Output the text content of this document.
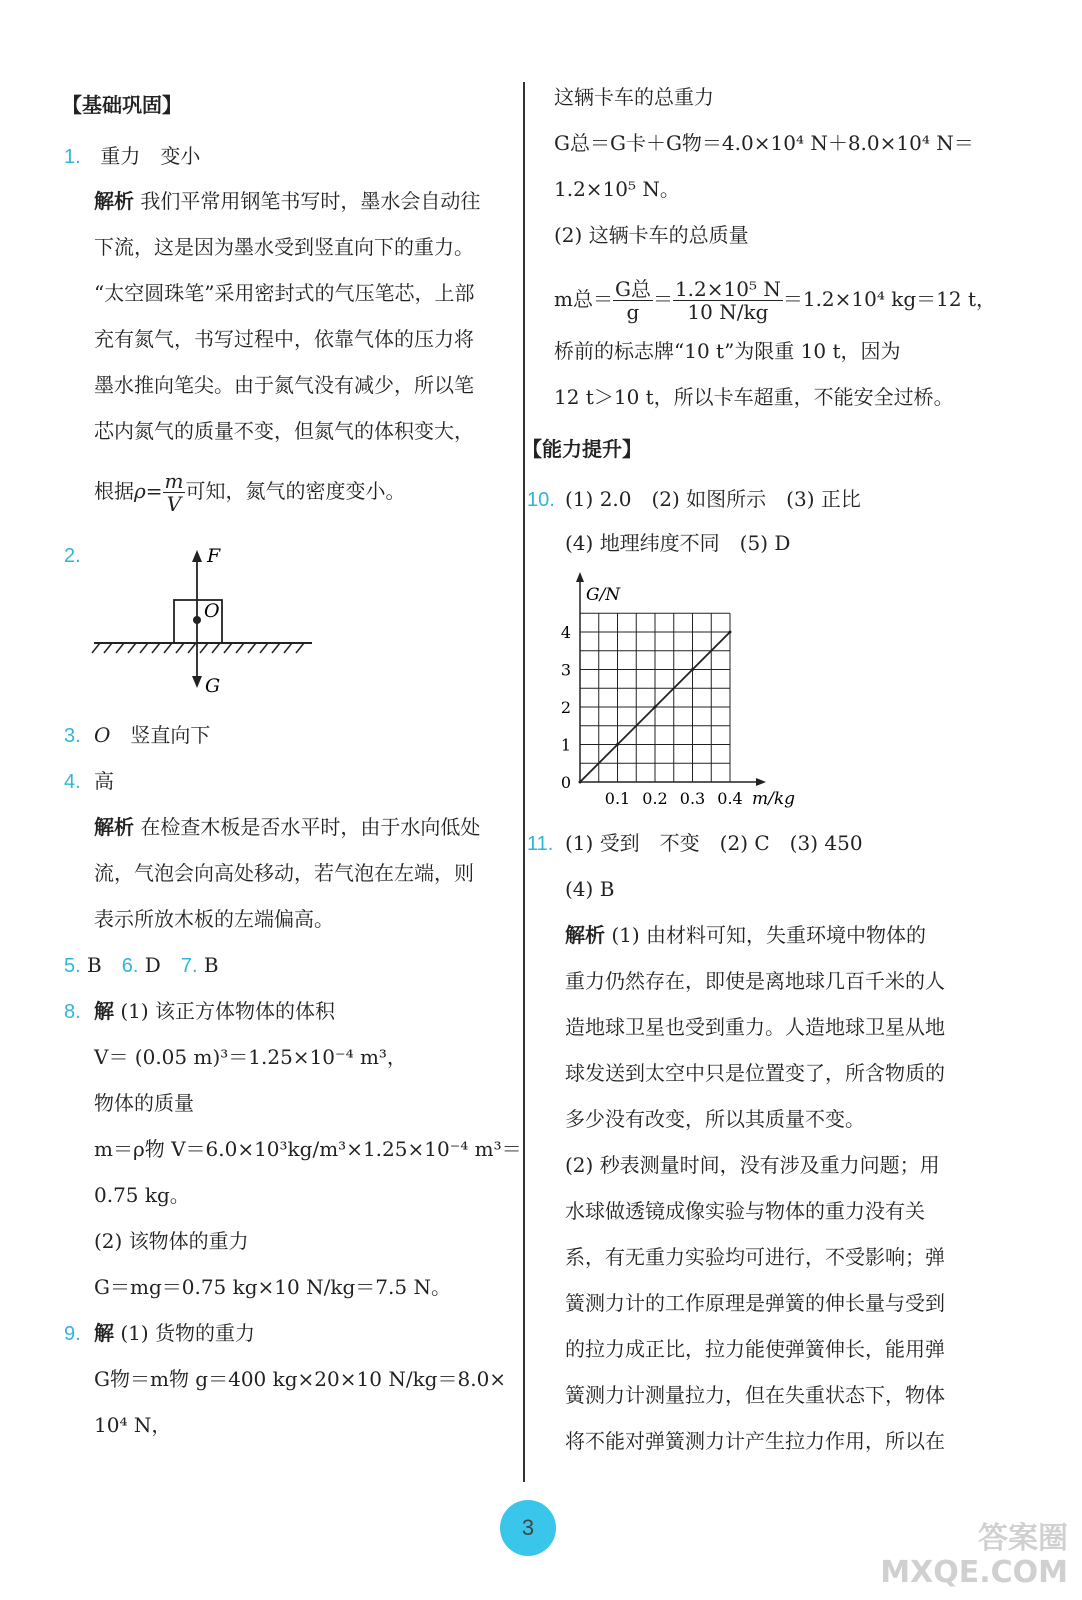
【基础巩固】
1. 重力　变小
解析 我们平常用钢笔书写时，墨水会自动往
下流，这是因为墨水受到竖直向下的重力。
“太空圆珠笔”采用密封式的气压笔芯，上部
充有氮气，书写过程中，依靠气体的压力将
墨水推向笔尖。由于氮气没有减少，所以笔
芯内氮气的质量不变，但氮气的体积变大，
根据$\rho= \frac{m}{V}$ 可知，氮气的密度变小。
2.	F
O
G
3. O　 竖直向下
4. 高
解析 在检查木板是否水平时，由于水向低处
流，气泡会向高处移动，若气泡在左端，则
表示所放木板的左端偏高。
5. B　 6. D　 7. B
8. 解 (1) 该正方体物体的体积
V＝ (0.05 m)³＝1.25×10⁻⁴ m³，
物体的质量
m＝ρ物 V＝6.0×10³kg/m³×1.25×10⁻⁴ m³＝
0.75 kg。
(2) 该物体的重力
G＝mg＝0.75 kg×10 N/kg＝7.5 N。
9. 解 (1) 货物的重力
G物＝m物 g＝400 kg×20×10 N/kg＝8.0×
10⁴ N，
这辆卡车的总重力
G总＝G卡＋G物＝4.0×10⁴ N＋8.0×10⁴ N＝
1.2×10⁵ N。
(2) 这辆卡车的总质量
m总＝ $\frac{\text{G总}}{g} = \frac{\text{1.2×10⁵ N}}{10 N/kg} =1.2\times 10^4$ kg＝12 t，
桥前的标志牌“10 t”为限重 10 t，因为
12 t＞10 t，所以卡车超重，不能安全过桥。
【能力提升】
10. (1) 2.0　(2) 如图所示　(3) 正比
(4) 地理纬度不同　(5) D
1
2
3
4
0.1 0.2 0.3 0.4
0
G/N
m/kg
11. (1) 受到　不变　(2) C　(3) 450
(4) B
解析 (1) 由材料可知，失重环境中物体的
重力仍然存在，即使是离地球几百千米的人
造地球卫星也受到重力。人造地球卫星从地
球发送到太空中只是位置变了，所含物质的
多少没有改变，所以其质量不变。
(2) 秒表测量时间，没有涉及重力问题；用
水球做透镜成像实验与物体的重力没有关
系，有无重力实验均可进行，不受影响；弹
簧测力计的工作原理是弹簧的伸长量与受到
的拉力成正比，拉力能使弹簧伸长，能用弹
簧测力计测量拉力，但在失重状态下，物体
将不能对弹簧测力计产生拉力作用，所以在
3	答案圈
MXQE.COM
